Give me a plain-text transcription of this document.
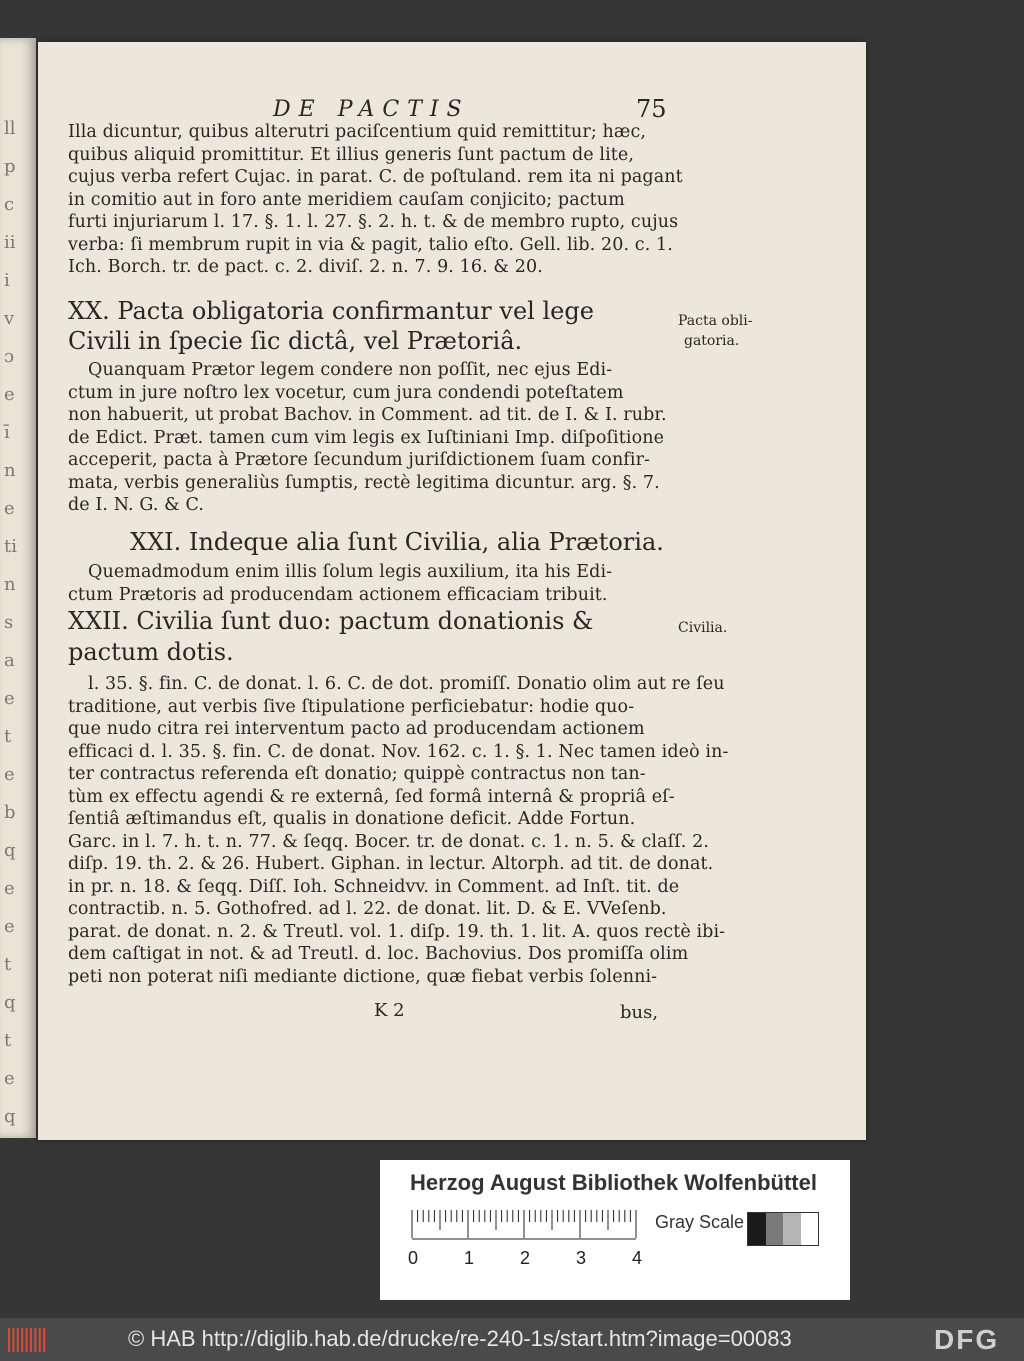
ll
p
c
ii
i
v
ɔ
e
ī
n
e
ti
n
s
a
e
t
e
b
q
e
e
t
q
t
e
q
DE PACTIS	75
Illa dicuntur, quibus alterutri paciſcentium quid remittitur; hæc,
quibus aliquid promittitur. Et illius generis ſunt pactum de lite,
cujus verba refert Cujac. in parat. C. de poſtuland. rem ita ni pagant
in comitio aut in foro ante meridiem cauſam conjicito; pactum
furti injuriarum l. 17. §. 1. l. 27. §. 2. h. t. & de membro rupto, cujus
verba: ſi membrum rupit in via & pagit, talio eſto. Gell. lib. 20. c. 1.
Ich. Borch. tr. de pact. c. 2. diviſ. 2. n. 7. 9. 16. & 20.
XX. Pacta obligatoria confirmantur vel lege
Civili in ſpecie ſic dictâ, vel Prætoriâ.
Quanquam Prætor legem condere non poſſit, nec ejus Edi-
ctum in jure noſtro lex vocetur, cum jura condendi poteſtatem
non habuerit, ut probat Bachov. in Comment. ad tit. de I. & I. rubr.
de Edict. Præt. tamen cum vim legis ex Iuſtiniani Imp. diſpoſitione
acceperit, pacta à Prætore ſecundum juriſdictionem ſuam confir-
mata, verbis generaliùs ſumptis, rectè legitima dicuntur. arg. §. 7.
de I. N. G. & C.
XXI. Indeque alia ſunt Civilia, alia Prætoria.
Quemadmodum enim illis ſolum legis auxilium, ita his Edi-
ctum Prætoris ad producendam actionem efficaciam tribuit.
XXII. Civilia ſunt duo: pactum donationis &
pactum dotis.
l. 35. §. fin. C. de donat. l. 6. C. de dot. promiſſ. Donatio olim aut re ſeu
traditione, aut verbis ſive ſtipulatione perficiebatur: hodie quo-
que nudo citra rei interventum pacto ad producendam actionem
efficaci d. l. 35. §. fin. C. de donat. Nov. 162. c. 1. §. 1. Nec tamen ideò in-
ter contractus referenda eſt donatio; quippè contractus non tan-
tùm ex effectu agendi & re externâ, ſed formâ internâ & propriâ eſ-
ſentiâ æſtimandus eſt, qualis in donatione deficit. Adde Fortun.
Garc. in l. 7. h. t. n. 77. & ſeqq. Bocer. tr. de donat. c. 1. n. 5. & claſſ. 2.
diſp. 19. th. 2. & 26. Hubert. Giphan. in lectur. Altorph. ad tit. de donat.
in pr. n. 18. & ſeqq. Diſſ. Ioh. Schneidvv. in Comment. ad Inſt. tit. de
contractib. n. 5. Gothofred. ad l. 22. de donat. lit. D. & E. VVeſenb.
parat. de donat. n. 2. & Treutl. vol. 1. diſp. 19. th. 1. lit. A. quos rectè ibi-
dem caſtigat in not. & ad Treutl. d. loc. Bachovius. Dos promiſſa olim
peti non poterat niſi mediante dictione, quæ fiebat verbis ſolenni-
Pacta obli-
gatoria.
Civilia.
K 2	bus,
Herzog August Bibliothek Wolfenbüttel
0	1	2	3	4
Gray Scale
© HAB http://diglib.hab.de/drucke/re-240-1s/start.htm?image=00083	DFG
